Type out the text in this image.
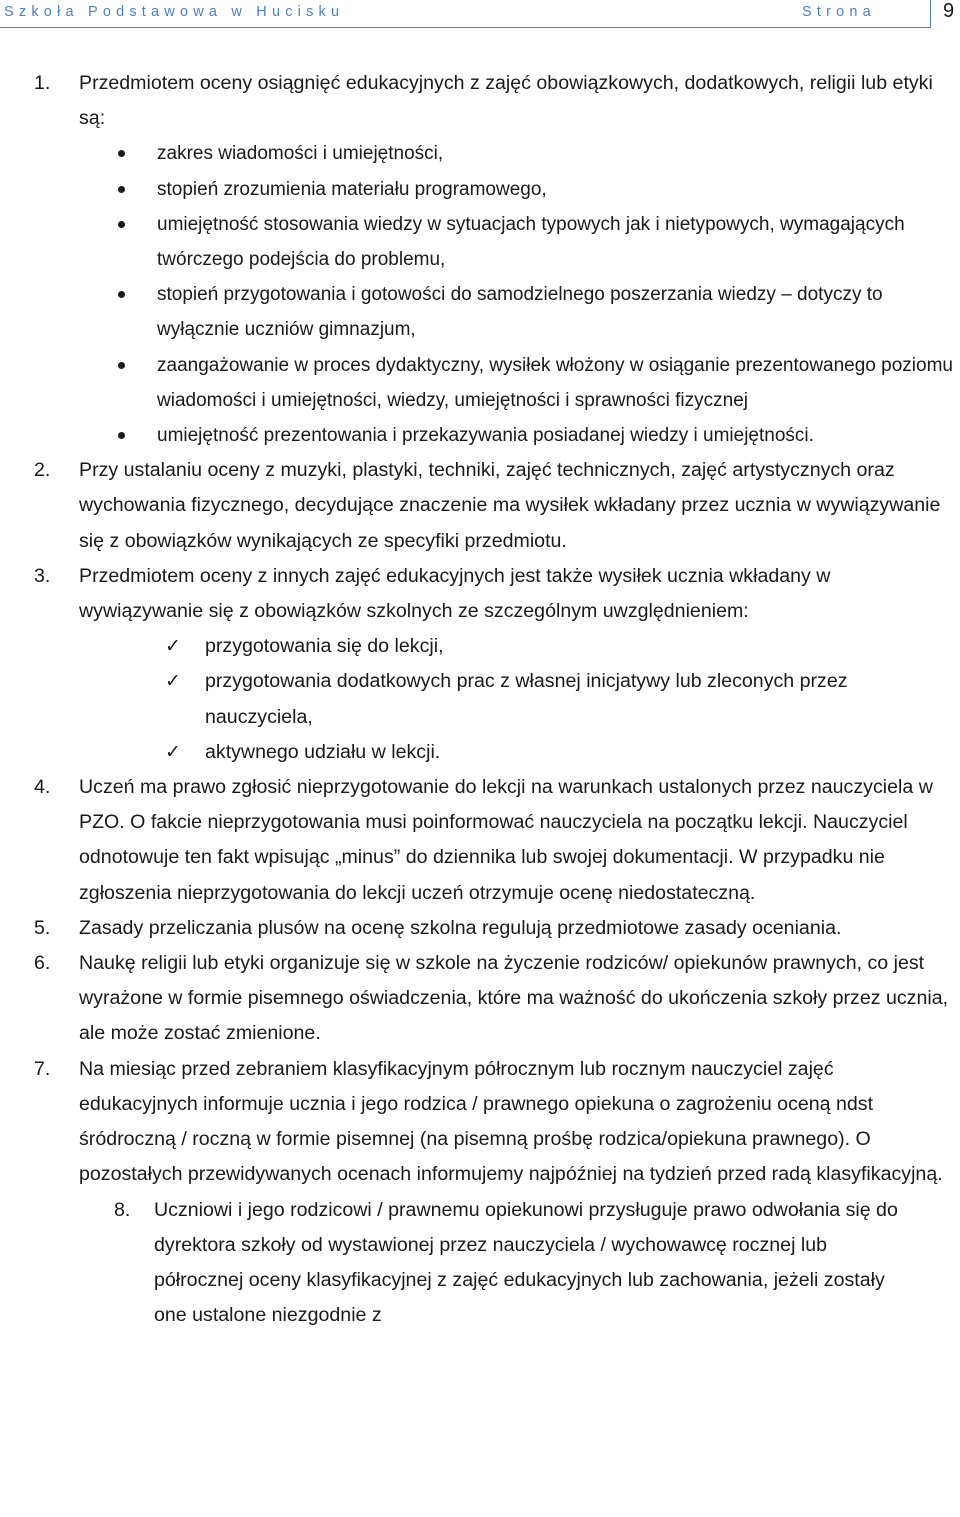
Szkoła Podstawowa w Hucisku	Strona	9
1. Przedmiotem oceny osiągnięć edukacyjnych z zajęć obowiązkowych, dodatkowych, religii lub etyki są:
zakres wiadomości i umiejętności,
stopień zrozumienia materiału programowego,
umiejętność stosowania wiedzy w sytuacjach typowych jak i nietypowych, wymagających twórczego podejścia do problemu,
stopień przygotowania i gotowości do samodzielnego poszerzania wiedzy – dotyczy to wyłącznie uczniów gimnazjum,
zaangażowanie w proces dydaktyczny, wysiłek włożony w osiąganie prezentowanego poziomu wiadomości i umiejętności, wiedzy, umiejętności i sprawności fizycznej
umiejętność prezentowania i przekazywania posiadanej wiedzy i umiejętności.
2. Przy ustalaniu oceny z muzyki, plastyki, techniki, zajęć technicznych, zajęć artystycznych oraz wychowania fizycznego, decydujące znaczenie ma wysiłek wkładany przez ucznia w wywiązywanie się z obowiązków wynikających ze specyfiki przedmiotu.
3. Przedmiotem oceny z innych zajęć edukacyjnych jest także wysiłek ucznia wkładany w wywiązywanie się z obowiązków szkolnych ze szczególnym uwzględnieniem:
✓ przygotowania się do lekcji,
✓ przygotowania dodatkowych prac z własnej inicjatywy lub zleconych przez nauczyciela,
✓ aktywnego udziału w lekcji.
4. Uczeń ma prawo zgłosić nieprzygotowanie do lekcji na warunkach ustalonych przez nauczyciela w PZO. O fakcie nieprzygotowania musi poinformować nauczyciela na początku lekcji. Nauczyciel odnotowuje ten fakt wpisując „minus” do dziennika lub swojej dokumentacji. W przypadku nie zgłoszenia nieprzygotowania do lekcji uczeń otrzymuje ocenę niedostateczną.
5. Zasady przeliczania plusów na ocenę szkolna regulują przedmiotowe zasady oceniania.
6. Naukę religii lub etyki organizuje się w szkole na życzenie rodziców/ opiekunów prawnych, co jest wyrażone w formie pisemnego oświadczenia, które ma ważność do ukończenia szkoły przez ucznia, ale może zostać zmienione.
7. Na miesiąc przed zebraniem klasyfikacyjnym półrocznym lub rocznym nauczyciel zajęć edukacyjnych informuje ucznia i jego rodzica / prawnego opiekuna o zagrożeniu oceną ndst śródroczną / roczną w formie pisemnej (na pisemną prośbę rodzica/opiekuna prawnego). O pozostałych przewidywanych ocenach informujemy najpóźniej na tydzień przed radą klasyfikacyjną.
8. Uczniowi i jego rodzicowi / prawnemu opiekunowi przysługuje prawo odwołania się do dyrektora szkoły od wystawionej przez nauczyciela / wychowawcę rocznej lub półrocznej oceny klasyfikacyjnej z zajęć edukacyjnych lub zachowania, jeżeli zostały one ustalone niezgodnie z
